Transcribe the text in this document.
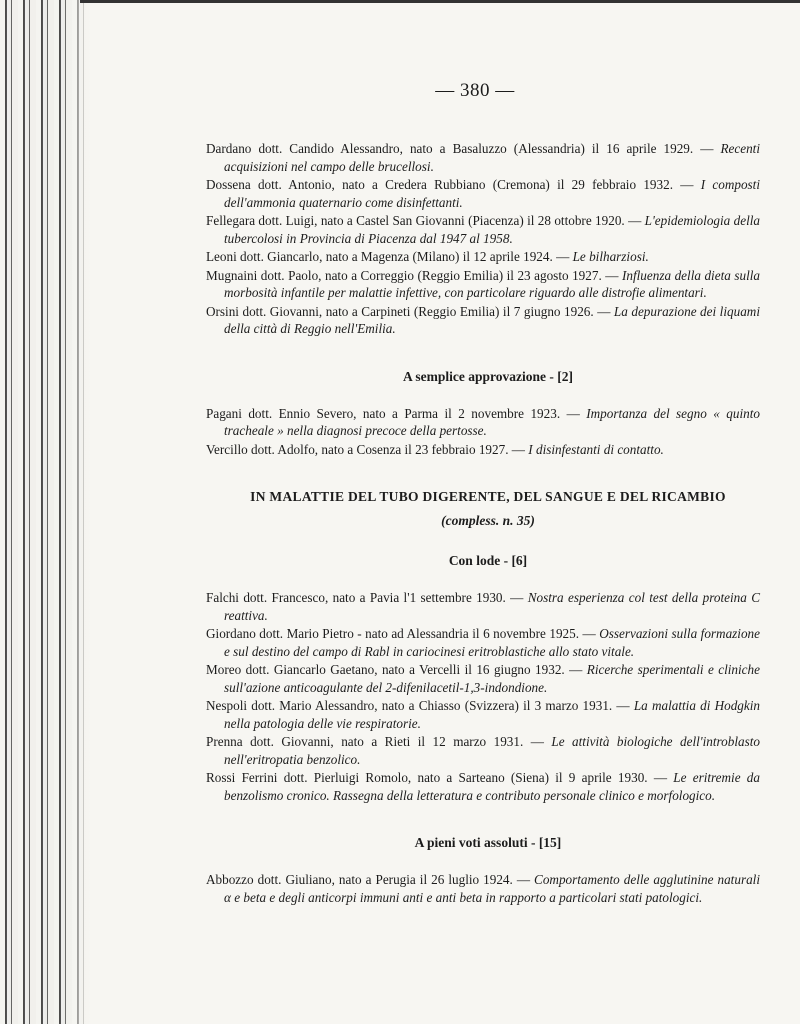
— 380 —

Dardano dott. Candido Alessandro, nato a Basaluzzo (Alessandria) il 16 aprile 1929. — Recenti acquisizioni nel campo delle brucellosi.

Dossena dott. Antonio, nato a Credera Rubbiano (Cremona) il 29 febbraio 1932. — I composti dell'ammonia quaternario come disinfettanti.

Fellegara dott. Luigi, nato a Castel San Giovanni (Piacenza) il 28 ottobre 1920. — L'epidemiologia della tubercolosi in Provincia di Piacenza dal 1947 al 1958.

Leoni dott. Giancarlo, nato a Magenza (Milano) il 12 aprile 1924. — Le bilharziosi.

Mugnaini dott. Paolo, nato a Correggio (Reggio Emilia) il 23 agosto 1927. — Influenza della dieta sulla morbosità infantile per malattie infettive, con particolare riguardo alle distrofie alimentari.

Orsini dott. Giovanni, nato a Carpineti (Reggio Emilia) il 7 giugno 1926. — La depurazione dei liquami della città di Reggio nell'Emilia.

A semplice approvazione - [2]

Pagani dott. Ennio Severo, nato a Parma il 2 novembre 1923. — Importanza del segno « quinto tracheale » nella diagnosi precoce della pertosse.

Vercillo dott. Adolfo, nato a Cosenza il 23 febbraio 1927. — I disinfestanti di contatto.

IN MALATTIE DEL TUBO DIGERENTE, DEL SANGUE E DEL RICAMBIO

(compless. n. 35)

Con lode - [6]

Falchi dott. Francesco, nato a Pavia l'1 settembre 1930. — Nostra esperienza col test della proteina C reattiva.

Giordano dott. Mario Pietro - nato ad Alessandria il 6 novembre 1925. — Osservazioni sulla formazione e sul destino del campo di Rabl in cariocinesi eritroblastiche allo stato vitale.

Moreo dott. Giancarlo Gaetano, nato a Vercelli il 16 giugno 1932. — Ricerche sperimentali e cliniche sull'azione anticoagulante del 2-difenilacetil-1,3-indondione.

Nespoli dott. Mario Alessandro, nato a Chiasso (Svizzera) il 3 marzo 1931. — La malattia di Hodgkin nella patologia delle vie respiratorie.

Prenna dott. Giovanni, nato a Rieti il 12 marzo 1931. — Le attività biologiche dell'introblasto nell'eritropatia benzolico.

Rossi Ferrini dott. Pierluigi Romolo, nato a Sarteano (Siena) il 9 aprile 1930. — Le eritremie da benzolismo cronico. Rassegna della letteratura e contributo personale clinico e morfologico.

A pieni voti assoluti - [15]

Abbozzo dott. Giuliano, nato a Perugia il 26 luglio 1924. — Comportamento delle agglutinine naturali α e beta e degli anticorpi immuni anti e anti beta in rapporto a particolari stati patologici.
